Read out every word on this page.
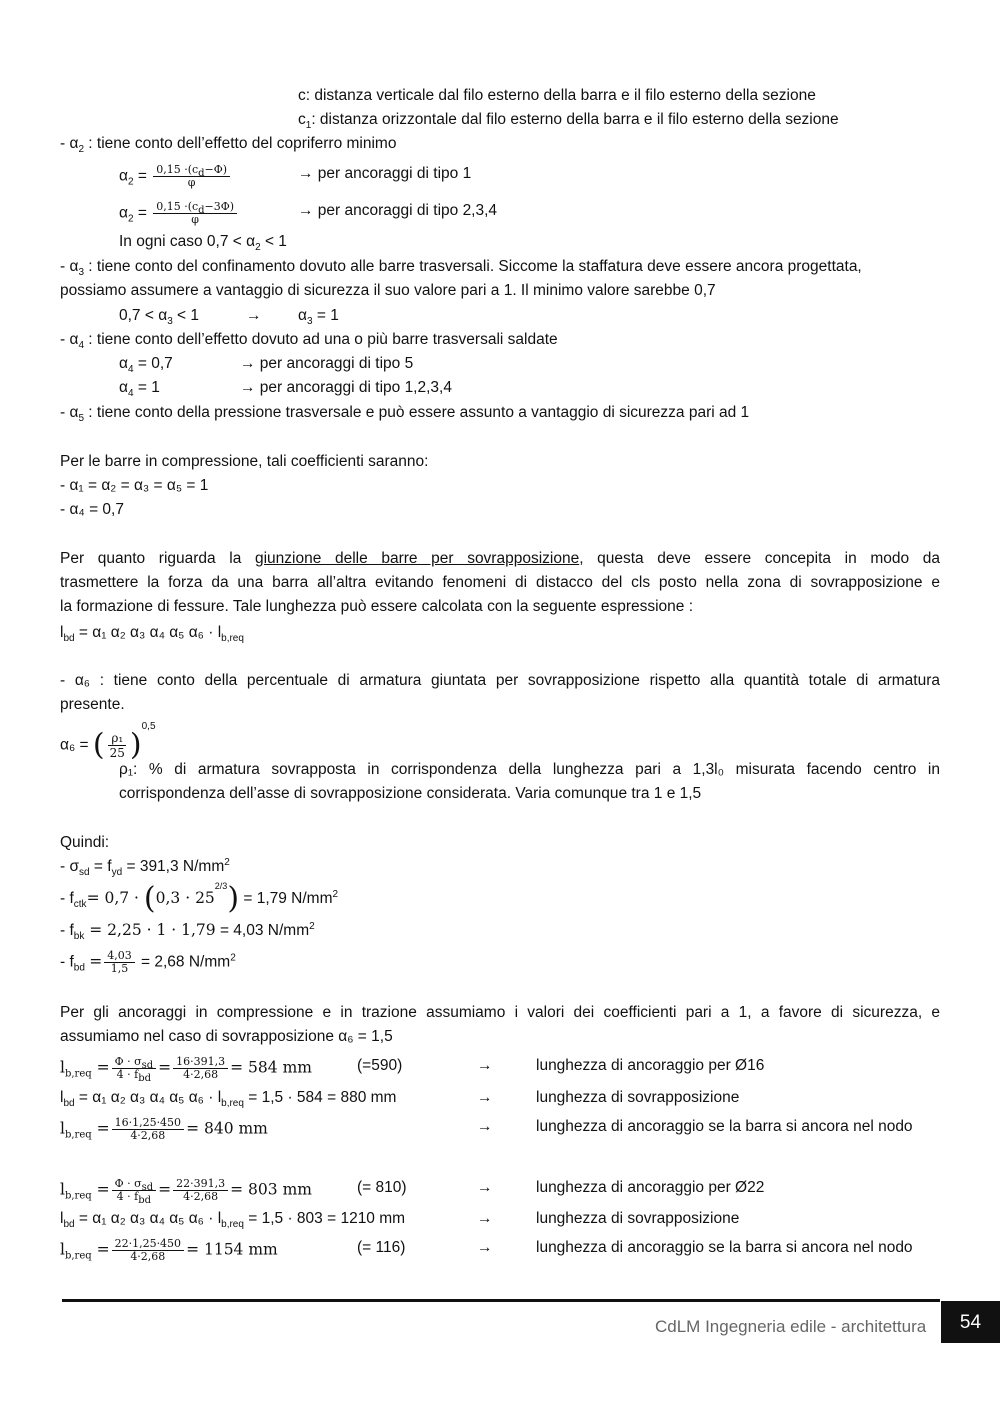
c: distanza verticale dal filo esterno della barra e il filo esterno della sezione
$c_1$: distanza orizzontale dal filo esterno della barra e il filo esterno della sezione
- $\alpha_2$ : tiene conto dell’effetto del copriferro minimo
$\alpha_2 = \frac{0,15 \cdot(c_d-\Phi)}{\varphi}$	→ per ancoraggi di tipo 1
$\alpha_2 = \frac{0,15 \cdot(c_d-3\Phi)}{\varphi}$	→ per ancoraggi di tipo 2,3,4
In ogni caso $0,7 < \alpha_2 < 1$
- $\alpha_3$ : tiene conto del confinamento dovuto alle barre trasversali. Siccome la staffatura deve essere ancora progettata,
possiamo assumere a vantaggio di sicurezza il suo valore pari a 1. Il minimo valore sarebbe 0,7
$0,7 < \alpha_3 < 1$	→ $\alpha_3 = 1$
- $\alpha_4$ : tiene conto dell’effetto dovuto ad una o più barre trasversali saldate
$\alpha_4 = 0,7$	→ per ancoraggi di tipo 5
$\alpha_4 = 1$	→ per ancoraggi di tipo 1,2,3,4
- $\alpha_5$ : tiene conto della pressione trasversale e può essere assunto a vantaggio di sicurezza pari ad 1
Per le barre in compressione, tali coefficienti saranno:
- α₁ = α₂ = α₃ = α₅ = 1
- α₄ = 0,7
Per quanto riguarda la giunzione delle barre per sovrapposizione, questa deve essere concepita in modo da
trasmettere la forza da una barra all’altra evitando fenomeni di distacco del cls posto nella zona di sovrapposizione e
la formazione di fessure. Tale lunghezza può essere calcolata con la seguente espressione :
$l_{bd} = \alpha_1$ α₂ α₃ α₄ α₅ $\alpha_6 \cdot l_{b,req}$
- α₆ : tiene conto della percentuale di armatura giuntata per sovrapposizione rispetto alla quantità totale di armatura
presente.
α₆ = ( $\frac{\text{ρ₁}}{25} )^{0,5}$
ρ₁: % di armatura sovrapposta in corrispondenza della lunghezza pari a 1,3l₀ misurata facendo centro in
corrispondenza dell’asse di sovrapposizione considerata. Varia comunque tra 1 e 1,5
Quindi:
- $\sigma_{sd} = f_{yd} = 391,3$ $N/mm^2$
- $f_{ctk}= 0,7 \cdot (0,3 \cdot 25^{2/3}) = 1,79$ $N/mm^2$
- $f_{bk} = 2,25 \cdot 1 \cdot 1,79 = 4,03$ $N/mm^2$
- $f_{bd} = \frac{4,03}{1,5} = 2,68$ $N/mm^2$
Per gli ancoraggi in compressione e in trazione assumiamo i valori dei coefficienti pari a 1, a favore di sicurezza, e
assumiamo nel caso di sovrapposizione α₆ = 1,5
$l_{b,req} = \Phi \cdot \sigma_{sd}$
$4 \cdot f_{bd}$
= $\frac{16\cdot 391,3}{4\cdot 2,68} = 584$ mm	(=590)	→	lunghezza di ancoraggio per Ø16
$l_{bd} = \alpha_1$ α₂ α₃ α₄ α₅ $\alpha_6 \cdot l_{b,req} = 1,5 \cdot 584 = 880$ mm	→	lunghezza di sovrapposizione
$l_{b,req} = \frac{16\cdot 1,25\cdot 450}{4\cdot 2,68} = 840$ mm	→	lunghezza di ancoraggio se la barra si ancora nel nodo
$l_{b,req} = \Phi \cdot \sigma_{sd}$
$4 \cdot f_{bd}$
= $\frac{22\cdot 391,3}{4\cdot 2,68} = 803$ mm	(= 810)	→	lunghezza di ancoraggio per Ø22
$l_{bd} = \alpha_1$ α₂ α₃ α₄ α₅ $\alpha_6 \cdot l_{b,req} = 1,5 \cdot 803 = 1210$ mm	→	lunghezza di sovrapposizione
$l_{b,req} = \frac{22\cdot 1,25\cdot 450}{4\cdot 2,68} = 1154$ mm	(= 116)	→	lunghezza di ancoraggio se la barra si ancora nel nodo
CdLM Ingegneria edile - architettura	54
